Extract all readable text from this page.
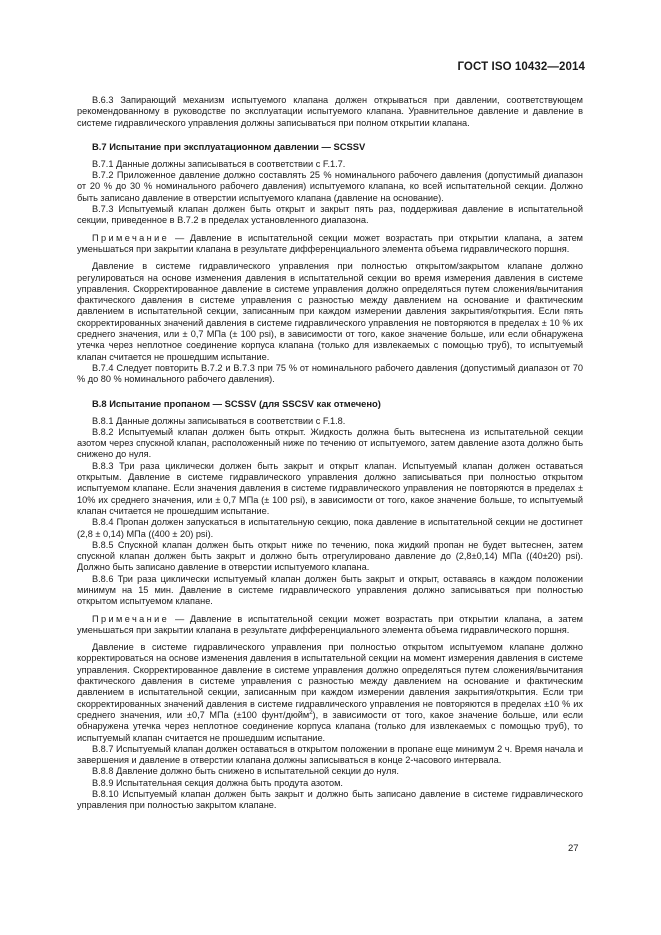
ГОСТ ISO 10432—2014

В.6.3 Запирающий механизм испытуемого клапана должен открываться при давлении, соответствующем рекомендованному в руководстве по эксплуатации испытуемого клапана. Уравнительное давление и давление в системе гидравлического управления должны записываться при полном открытии клапана.

В.7 Испытание при эксплуатационном давлении — SCSSV

В.7.1 Данные должны записываться в соответствии с F.1.7.

В.7.2 Приложенное давление должно составлять 25 % номинального рабочего давления (допустимый диапазон от 20 % до 30 % номинального рабочего давления) испытуемого клапана, ко всей испытательной секции. Должно быть записано давление в отверстии испытуемого клапана (давление на основание).

В.7.3 Испытуемый клапан должен быть открыт и закрыт пять раз, поддерживая давление в испытательной секции, приведенное в В.7.2 в пределах установленного диапазона.

Примечание — Давление в испытательной секции может возрастать при открытии клапана, а затем уменьшаться при закрытии клапана в результате дифференциального элемента объема гидравлического поршня.

Давление в системе гидравлического управления при полностью открытом/закрытом клапане должно регулироваться на основе изменения давления в испытательной секции во время измерения давления в системе управления. Скорректированное давление в системе управления должно определяться путем сложения/вычитания фактического давления в системе управления с разностью между давлением на основание и фактическим давлением в испытательной секции, записанным при каждом измерении давления закрытия/открытия. Если пять скорректированных значений давления в системе гидравлического управления не повторяются в пределах ± 10 % их среднего значения, или ± 0,7 МПа (± 100 psi), в зависимости от того, какое значение больше, или если обнаружена утечка через неплотное соединение корпуса клапана (только для извлекаемых с помощью труб), то испытуемый клапан считается не прошедшим испытание.

В.7.4 Следует повторить В.7.2 и В.7.3 при 75 % от номинального рабочего давления (допустимый диапазон от 70 % до 80 % номинального рабочего давления).

В.8 Испытание пропаном — SCSSV (для SSCSV как отмечено)

В.8.1 Данные должны записываться в соответствии с F.1.8.

В.8.2 Испытуемый клапан должен быть открыт. Жидкость должна быть вытеснена из испытательной секции азотом через спускной клапан, расположенный ниже по течению от испытуемого, затем давление азота должно быть снижено до нуля.

В.8.3 Три раза циклически должен быть закрыт и открыт клапан. Испытуемый клапан должен оставаться открытым. Давление в системе гидравлического управления должно записываться при полностью открытом испытуемом клапане. Если значения давления в системе гидравлического управления не повторяются в пределах ± 10% их среднего значения, или ± 0,7 МПа (± 100 psi), в зависимости от того, какое значение больше, то испытуемый клапан считается не прошедшим испытание.

В.8.4 Пропан должен запускаться в испытательную секцию, пока давление в испытательной секции не достигнет (2,8 ± 0,14) МПа ((400 ± 20) psi).

В.8.5 Спускной клапан должен быть открыт ниже по течению, пока жидкий пропан не будет вытеснен, затем спускной клапан должен быть закрыт и должно быть отрегулировано давление до (2,8±0,14) МПа ((40±20) psi). Должно быть записано давление в отверстии испытуемого клапана.

В.8.6 Три раза циклически испытуемый клапан должен быть закрыт и открыт, оставаясь в каждом положении минимум на 15 мин. Давление в системе гидравлического управления должно записываться при полностью открытом испытуемом клапане.

Примечание — Давление в испытательной секции может возрастать при открытии клапана, а затем уменьшаться при закрытии клапана в результате дифференциального элемента объема гидравлического поршня.

Давление в системе гидравлического управления при полностью открытом испытуемом клапане должно корректироваться на основе изменения давления в испытательной секции на момент измерения давления в системе управления. Скорректированное давление в системе управления должно определяться путем сложения/вычитания фактического давления в системе управления с разностью между давлением на основание и фактическим давлением в испытательной секции, записанным при каждом измерении давления закрытия/открытия. Если три скорректированных значений давления в системе гидравлического управления не повторяются в пределах ±10 % их среднего значения, или ±0,7 МПа (±100 фунт/дюйм$^2$), в зависимости от того, какое значение больше, или если обнаружена утечка через неплотное соединение корпуса клапана (только для извлекаемых с помощью труб), то испытуемый клапан считается не прошедшим испытание.

В.8.7 Испытуемый клапан должен оставаться в открытом положении в пропане еще минимум 2 ч. Время начала и завершения и давление в отверстии клапана должны записываться в конце 2-часового интервала.

В.8.8 Давление должно быть снижено в испытательной секции до нуля.

В.8.9 Испытательная секция должна быть продута азотом.

В.8.10 Испытуемый клапан должен быть закрыт и должно быть записано давление в системе гидравлического управления при полностью закрытом клапане.

27
